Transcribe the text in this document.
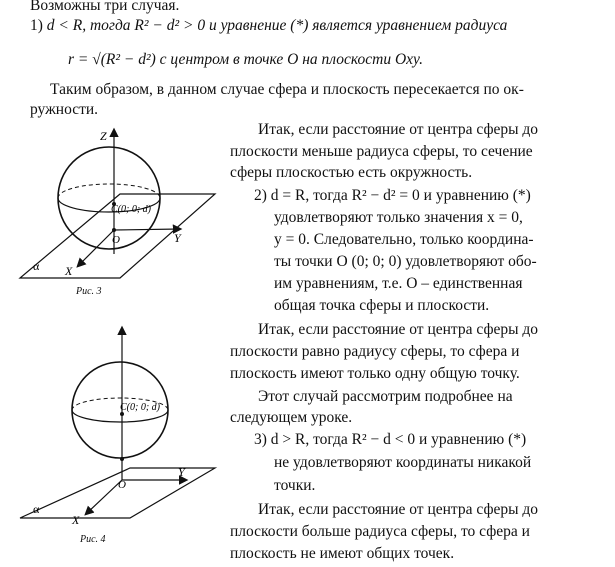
Возможны три случая.
1) d < R, тогда R² − d² > 0 и уравнение (*) является уравнением радиуса
r = √(R² − d²) с центром в точке O на плоскости Oxy.
Таким образом, в данном случае сфера и плоскость пересекается по ок-
ружности.
Итак, если расстояние от центра сферы до
плоскости меньше радиуса сферы, то сечение
сферы плоскостью есть окружность.
2) d = R, тогда R² − d² = 0 и уравнению (*)
удовлетворяют только значения x = 0,
y = 0. Следовательно, только координа-
ты точки O (0; 0; 0) удовлетворяют обо-
им уравнениям, т.е. O – единственная
общая точка сферы и плоскости.
Итак, если расстояние от центра сферы до
плоскости равно радиусу сферы, то сфера и
плоскость имеют только одну общую точку.
Этот случай рассмотрим подробнее на
следующем уроке.
3) d > R, тогда R² − d < 0 и уравнению (*)
не удовлетворяют координаты никакой
точки.
Итак, если расстояние от центра сферы до
плоскости больше радиуса сферы, то сфера и
плоскость не имеют общих точек.
Z
Y
X
O
α
C(0; 0; d)
Рис. 3
Y
X
O
α
C(0; 0; d)
Рис. 4
